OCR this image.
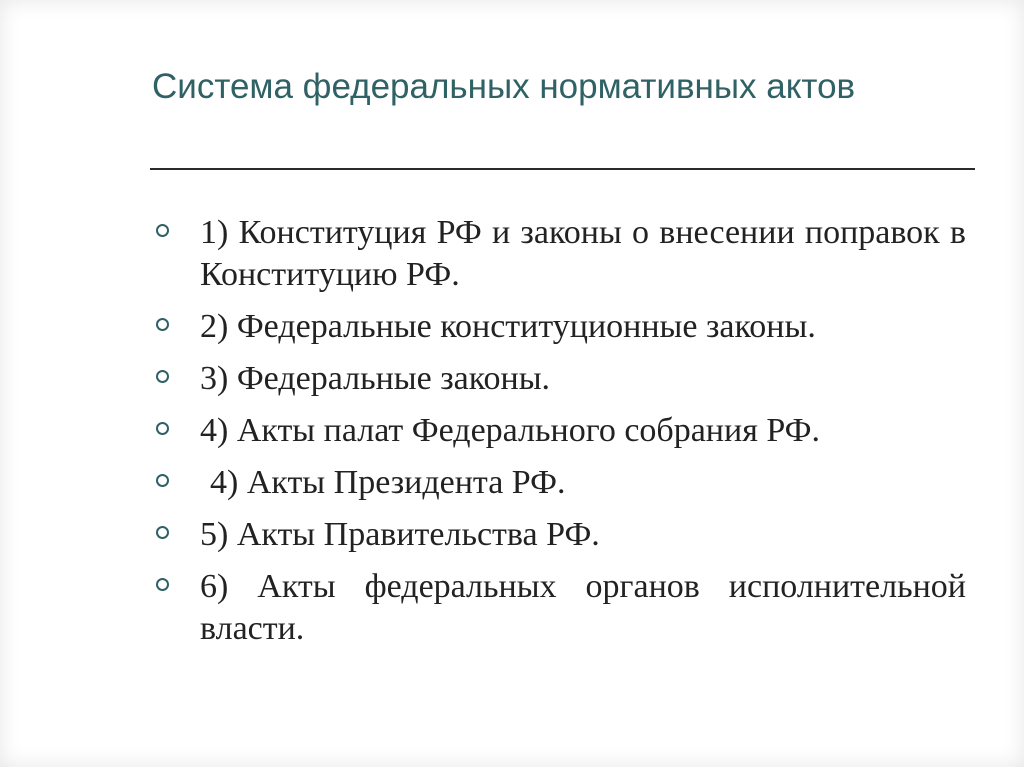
Система федеральных нормативных актов
1) Конституция РФ и законы о внесении поправок в Конституцию РФ.
2) Федеральные конституционные законы.
3) Федеральные законы.
4) Акты палат Федерального собрания РФ.
4) Акты Президента РФ.
5) Акты Правительства РФ.
6) Акты федеральных органов исполнительной власти.
